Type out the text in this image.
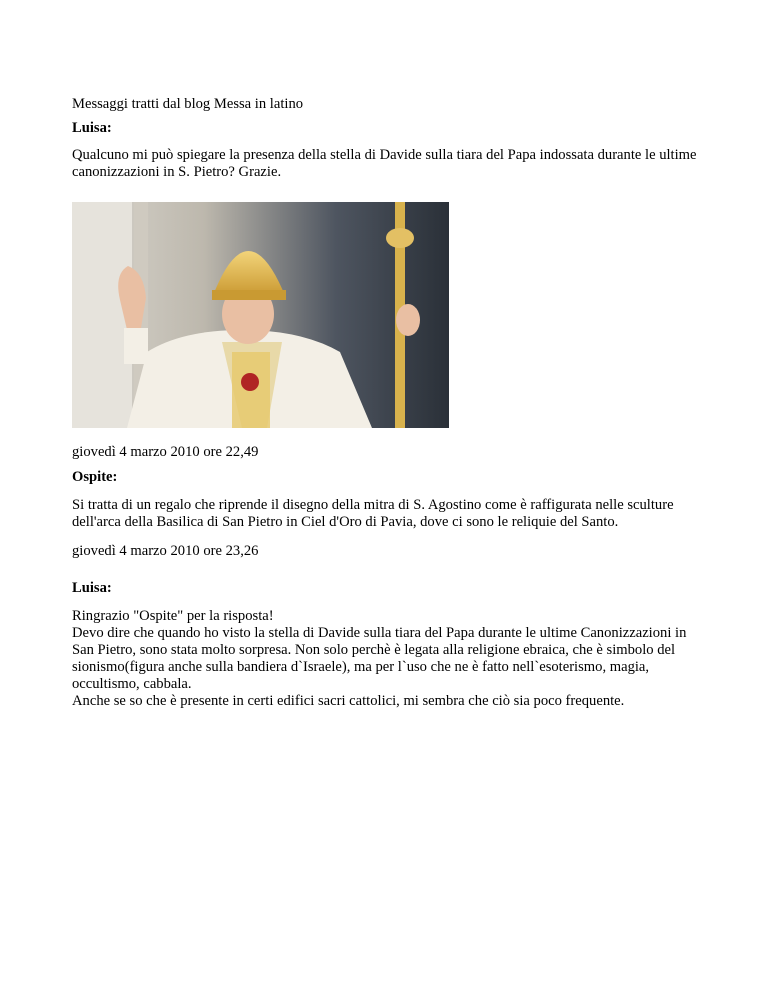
Messaggi tratti dal blog Messa in latino

Luisa:

Qualcuno mi può spiegare la presenza della stella di Davide sulla tiara del Papa indossata durante le ultime canonizzazioni in S. Pietro? Grazie.

giovedì 4 marzo 2010 ore 22,49

Ospite:

Si tratta di un regalo che riprende il disegno della mitra di S. Agostino come è raffigurata nelle sculture dell'arca della Basilica di San Pietro in Ciel d'Oro di Pavia, dove ci sono le reliquie del Santo.

giovedì 4 marzo 2010 ore 23,26

Luisa:

Ringrazio "Ospite" per la risposta!

Devo dire che quando ho visto la stella di Davide sulla tiara del Papa durante le ultime Canonizzazioni in San Pietro, sono stata molto sorpresa. Non solo perchè è legata alla religione ebraica, che è simbolo del sionismo(figura anche sulla bandiera d`Israele), ma per l`uso che ne è fatto nell`esoterismo, magia, occultismo, cabbala.

Anche se so che è presente in certi edifici sacri cattolici, mi sembra che ciò sia poco frequente.
